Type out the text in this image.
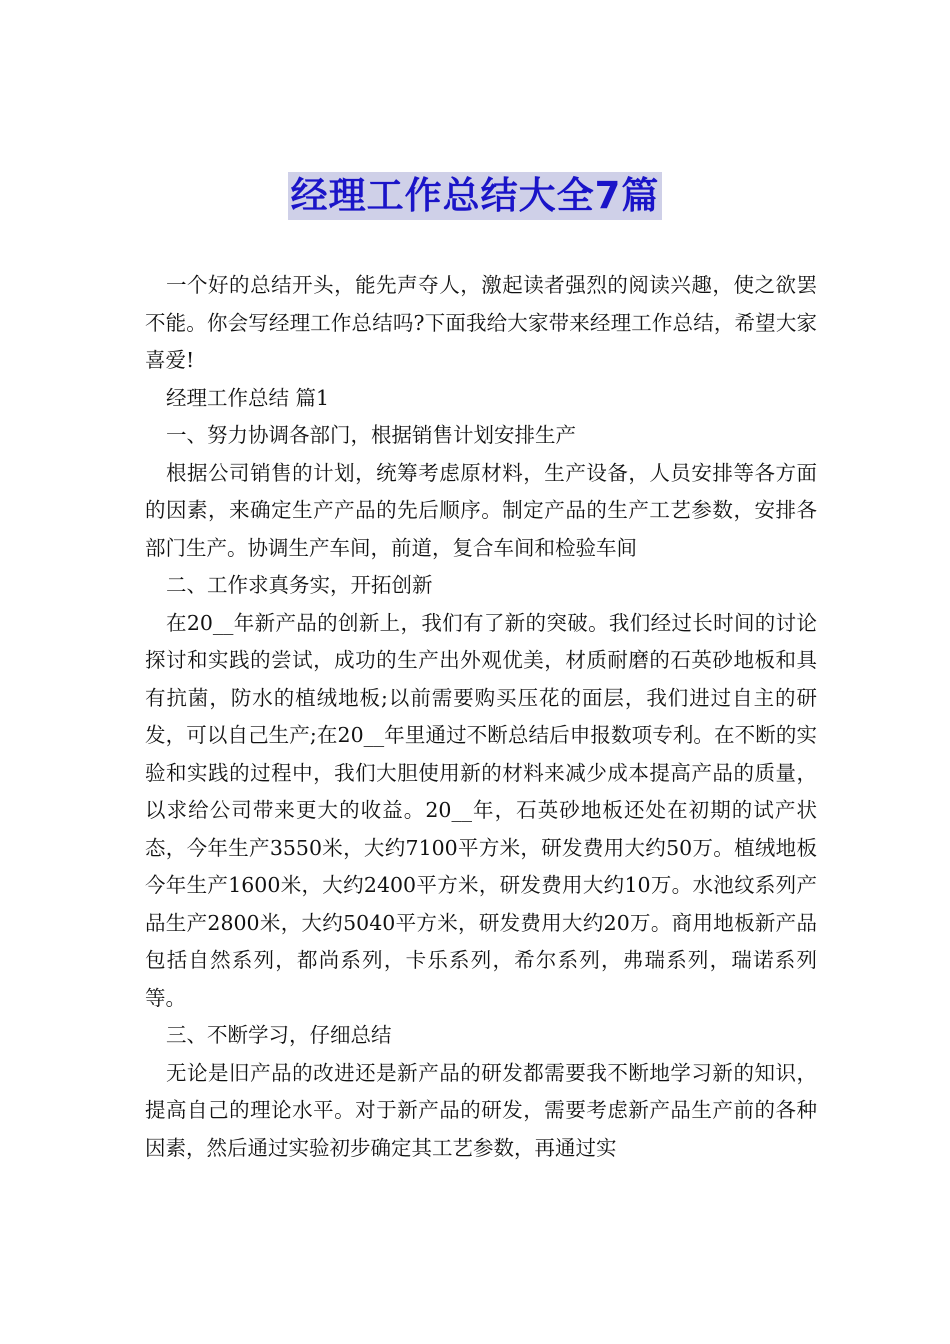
经理工作总结大全7篇

一个好的总结开头，能先声夺人，激起读者强烈的阅读兴趣，使之欲罢不能。你会写经理工作总结吗?下面我给大家带来经理工作总结，希望大家喜爱!

经理工作总结 篇1

一、努力协调各部门，根据销售计划安排生产

根据公司销售的计划，统筹考虑原材料，生产设备，人员安排等各方面的因素，来确定生产产品的先后顺序。制定产品的生产工艺参数，安排各部门生产。协调生产车间，前道，复合车间和检验车间

二、工作求真务实，开拓创新

在20__年新产品的创新上，我们有了新的突破。我们经过长时间的讨论探讨和实践的尝试，成功的生产出外观优美，材质耐磨的石英砂地板和具有抗菌，防水的植绒地板;以前需要购买压花的面层，我们进过自主的研发，可以自己生产;在20__年里通过不断总结后申报数项专利。在不断的实验和实践的过程中，我们大胆使用新的材料来减少成本提高产品的质量，以求给公司带来更大的收益。20__年，石英砂地板还处在初期的试产状态，今年生产3550米，大约7100平方米，研发费用大约50万。植绒地板今年生产1600米，大约2400平方米，研发费用大约10万。水池纹系列产品生产2800米，大约5040平方米，研发费用大约20万。商用地板新产品包括自然系列，都尚系列，卡乐系列，希尔系列，弗瑞系列，瑞诺系列等。

三、不断学习，仔细总结

无论是旧产品的改进还是新产品的研发都需要我不断地学习新的知识，提高自己的理论水平。对于新产品的研发，需要考虑新产品生产前的各种因素，然后通过实验初步确定其工艺参数，再通过实
